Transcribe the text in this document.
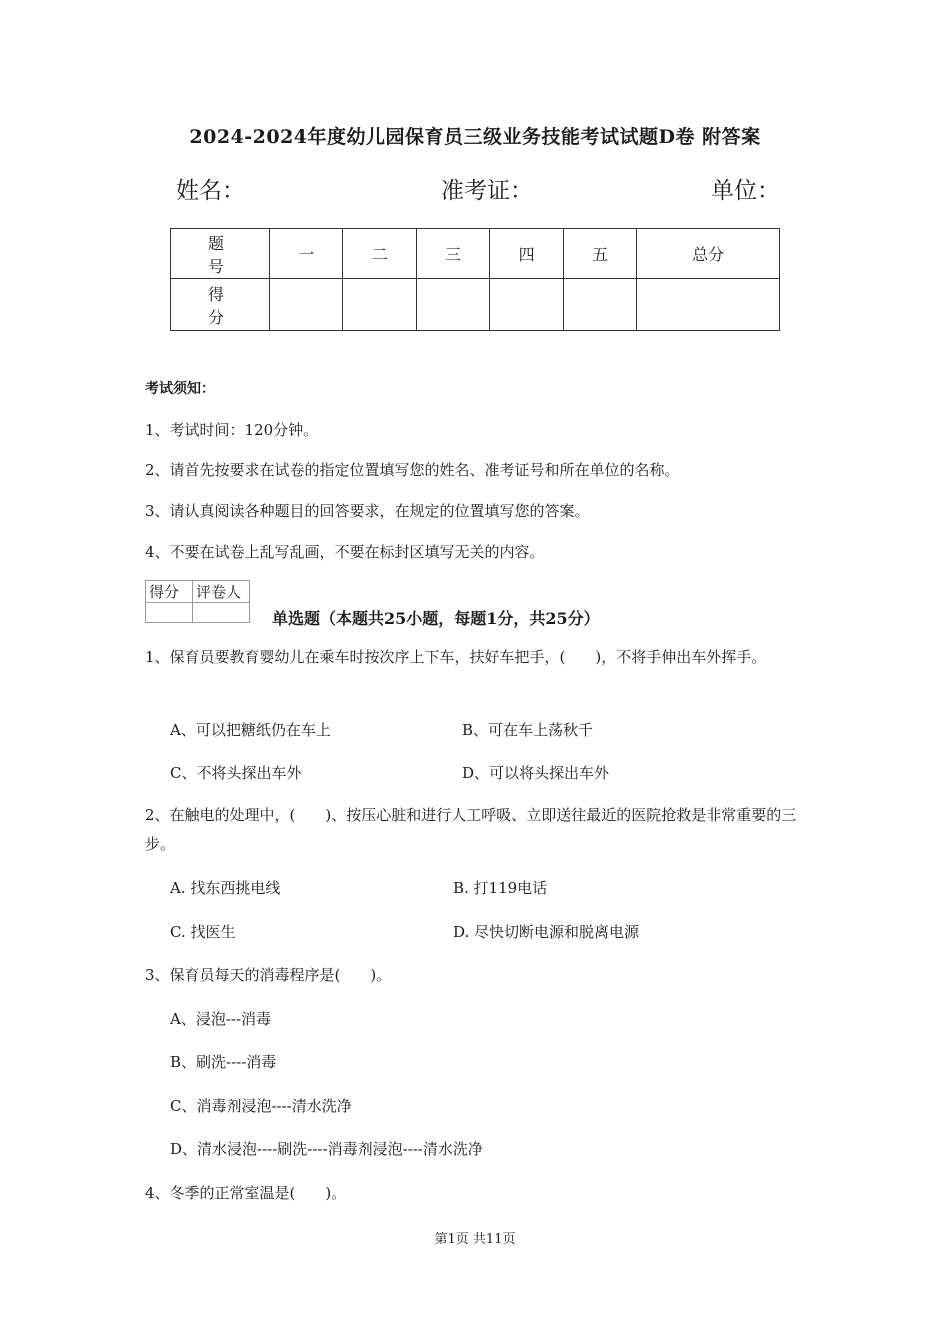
2024-2024年度幼儿园保育员三级业务技能考试试题D卷 附答案
姓名：	准考证：	单位：
题　号	一	二	三	四	五	总分
得　分						
考试须知：
1、考试时间：120分钟。
2、请首先按要求在试卷的指定位置填写您的姓名、准考证号和所在单位的名称。
3、请认真阅读各种题目的回答要求，在规定的位置填写您的答案。
4、不要在试卷上乱写乱画，不要在标封区填写无关的内容。
得分	评卷人

单选题（本题共25小题，每题1分，共25分）
1、保育员要教育婴幼儿在乘车时按次序上下车，扶好车把手，(　　)，不将手伸出车外挥手。
A、可以把糖纸仍在车上	B、可在车上荡秋千
C、不将头探出车外	D、可以将头探出车外
2、在触电的处理中，(　　)、按压心脏和进行人工呼吸、立即送往最近的医院抢救是非常重要的三步。
A. 找东西挑电线	B. 打119电话
C. 找医生	D. 尽快切断电源和脱离电源
3、保育员每天的消毒程序是(　　)。
A、浸泡---消毒
B、刷洗----消毒
C、消毒剂浸泡----清水洗净
D、清水浸泡----刷洗----消毒剂浸泡----清水洗净
4、冬季的正常室温是(　　)。
第1页 共11页
